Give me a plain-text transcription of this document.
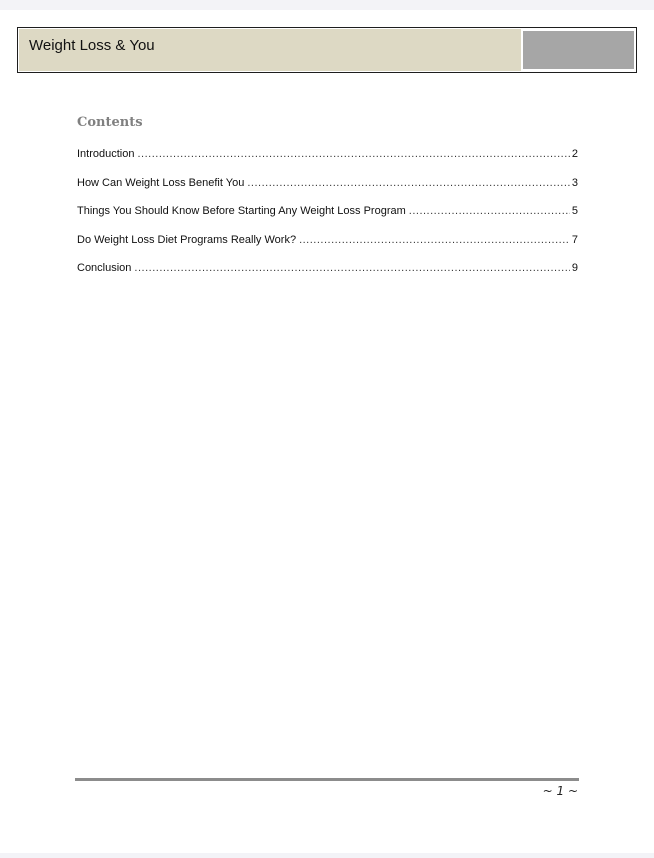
Weight Loss & You
Contents
Introduction .....	2
How Can Weight Loss Benefit You .....	3
Things You Should Know Before Starting Any Weight Loss Program .....	5
Do Weight Loss Diet Programs Really Work? .....	7
Conclusion .....	9
~ 1 ~
